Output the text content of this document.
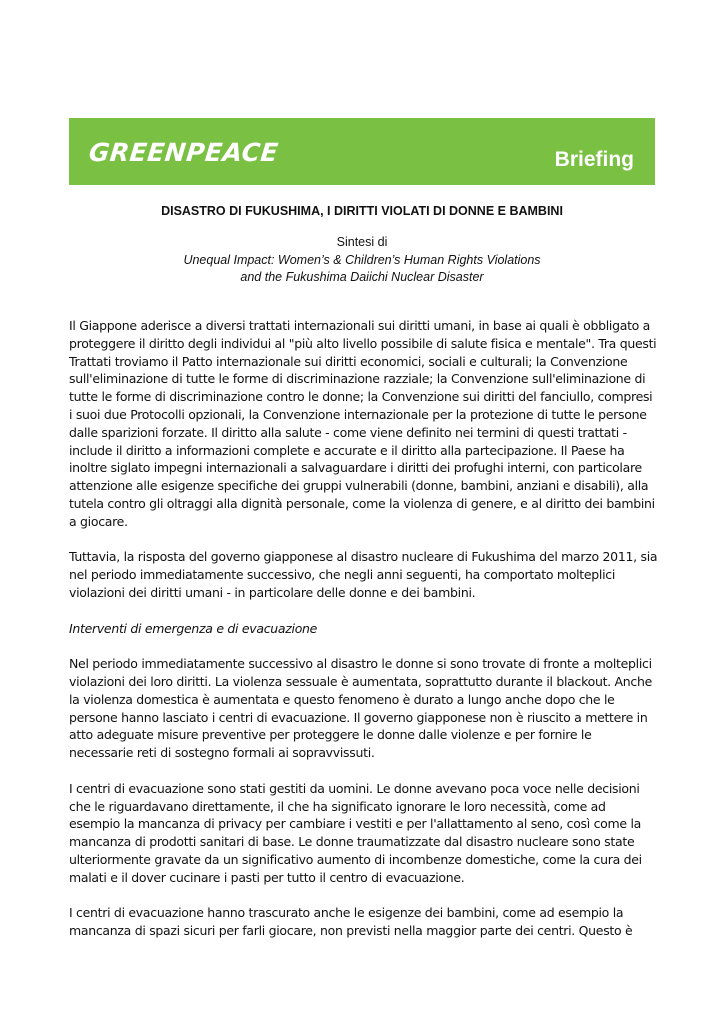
GREENPEACE	Briefing
DISASTRO DI FUKUSHIMA, I DIRITTI VIOLATI DI DONNE E BAMBINI
Sintesi di
Unequal Impact: Women’s & Children’s Human Rights Violations
and the Fukushima Daiichi Nuclear Disaster

Il Giappone aderisce a diversi trattati internazionali sui diritti umani, in base ai quali è obbligato a proteggere il diritto degli individui al "più alto livello possibile di salute fisica e mentale". Tra questi Trattati troviamo il Patto internazionale sui diritti economici, sociali e culturali; la Convenzione sull'eliminazione di tutte le forme di discriminazione razziale; la Convenzione sull'eliminazione di tutte le forme di discriminazione contro le donne; la Convenzione sui diritti del fanciullo, compresi i suoi due Protocolli opzionali, la Convenzione internazionale per la protezione di tutte le persone dalle sparizioni forzate. Il diritto alla salute - come viene definito nei termini di questi trattati - include il diritto a informazioni complete e accurate e il diritto alla partecipazione. Il Paese ha inoltre siglato impegni internazionali a salvaguardare i diritti dei profughi interni, con particolare attenzione alle esigenze specifiche dei gruppi vulnerabili (donne, bambini, anziani e disabili), alla tutela contro gli oltraggi alla dignità personale, come la violenza di genere, e al diritto dei bambini a giocare.

Tuttavia, la risposta del governo giapponese al disastro nucleare di Fukushima del marzo 2011, sia nel periodo immediatamente successivo, che negli anni seguenti, ha comportato molteplici violazioni dei diritti umani - in particolare delle donne e dei bambini.

Interventi di emergenza e di evacuazione

Nel periodo immediatamente successivo al disastro le donne si sono trovate di fronte a molteplici violazioni dei loro diritti. La violenza sessuale è aumentata, soprattutto durante il blackout. Anche la violenza domestica è aumentata e questo fenomeno è durato a lungo anche dopo che le persone hanno lasciato i centri di evacuazione. Il governo giapponese non è riuscito a mettere in atto adeguate misure preventive per proteggere le donne dalle violenze e per fornire le necessarie reti di sostegno formali ai sopravvissuti.

I centri di evacuazione sono stati gestiti da uomini. Le donne avevano poca voce nelle decisioni che le riguardavano direttamente, il che ha significato ignorare le loro necessità, come ad esempio la mancanza di privacy per cambiare i vestiti e per l'allattamento al seno, così come la mancanza di prodotti sanitari di base. Le donne traumatizzate dal disastro nucleare sono state ulteriormente gravate da un significativo aumento di incombenze domestiche, come la cura dei malati e il dover cucinare i pasti per tutto il centro di evacuazione.

I centri di evacuazione hanno trascurato anche le esigenze dei bambini, come ad esempio la mancanza di spazi sicuri per farli giocare, non previsti nella maggior parte dei centri. Questo è
